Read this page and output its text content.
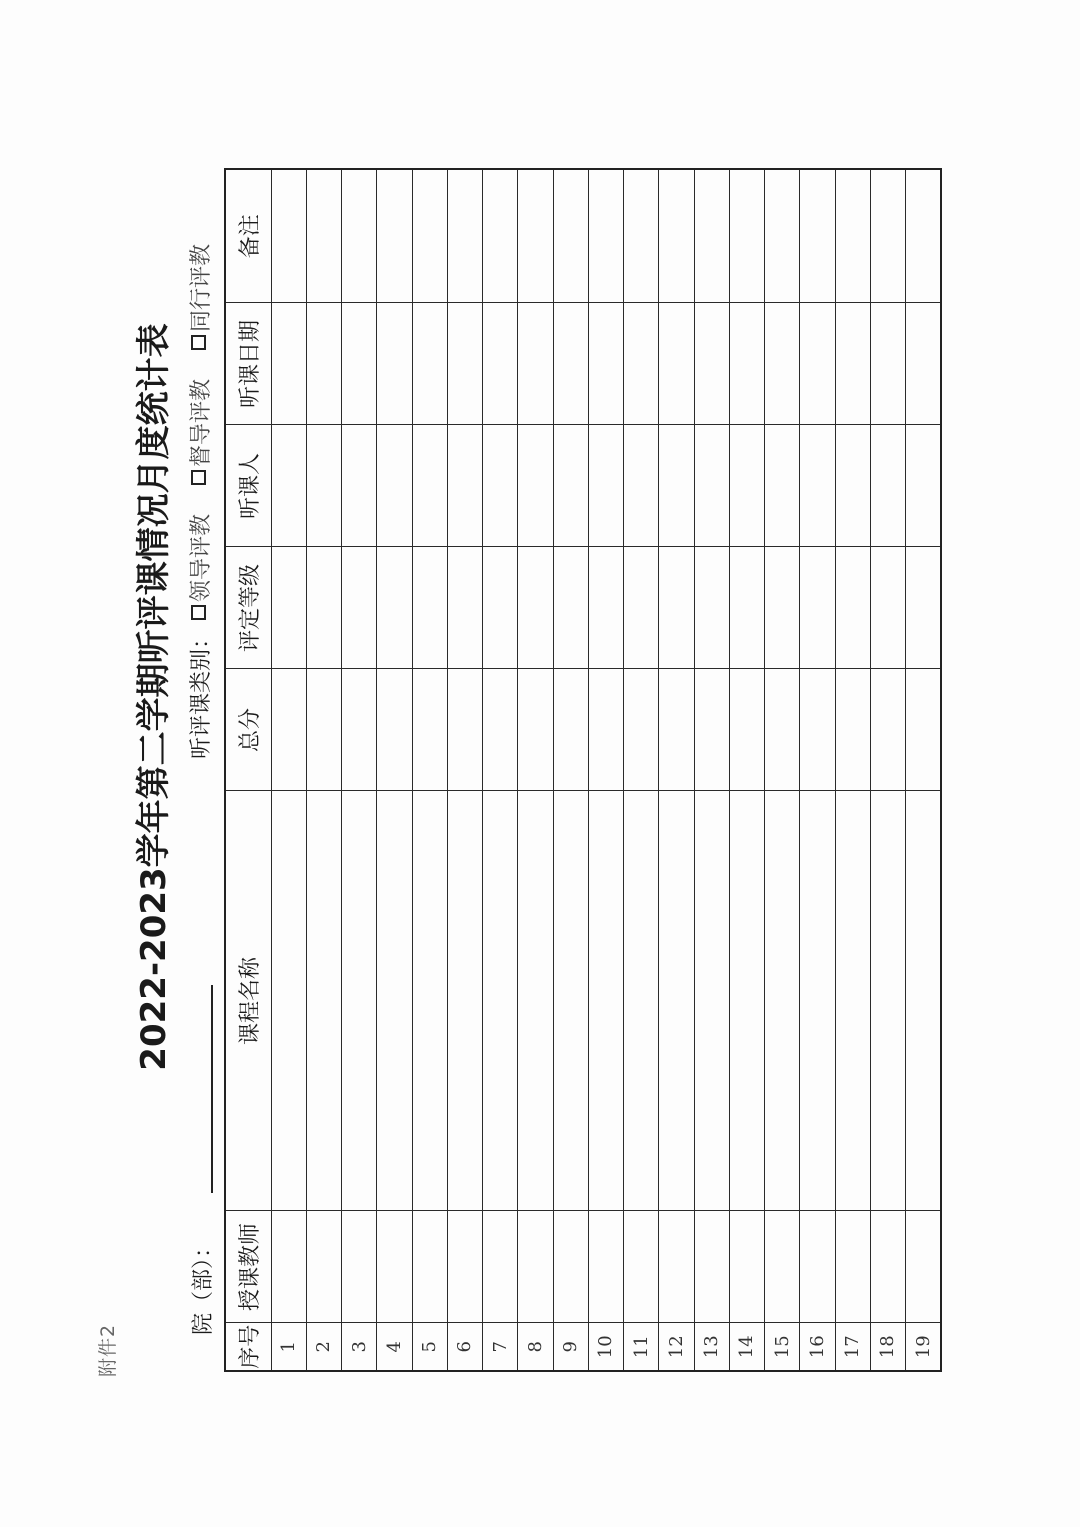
附件2
2022-2023学年第二学期听评课情况月度统计表
院（部）：
听评课类别： 领导评教 督导评教 同行评教
序号	授课教师	课程名称	总分	评定等级	听课人	听课日期	备注
1							
2							
3							
4							
5							
6							
7							
8							
9							
10							
11							
12							
13							
14							
15							
16							
17							
18							
19							
